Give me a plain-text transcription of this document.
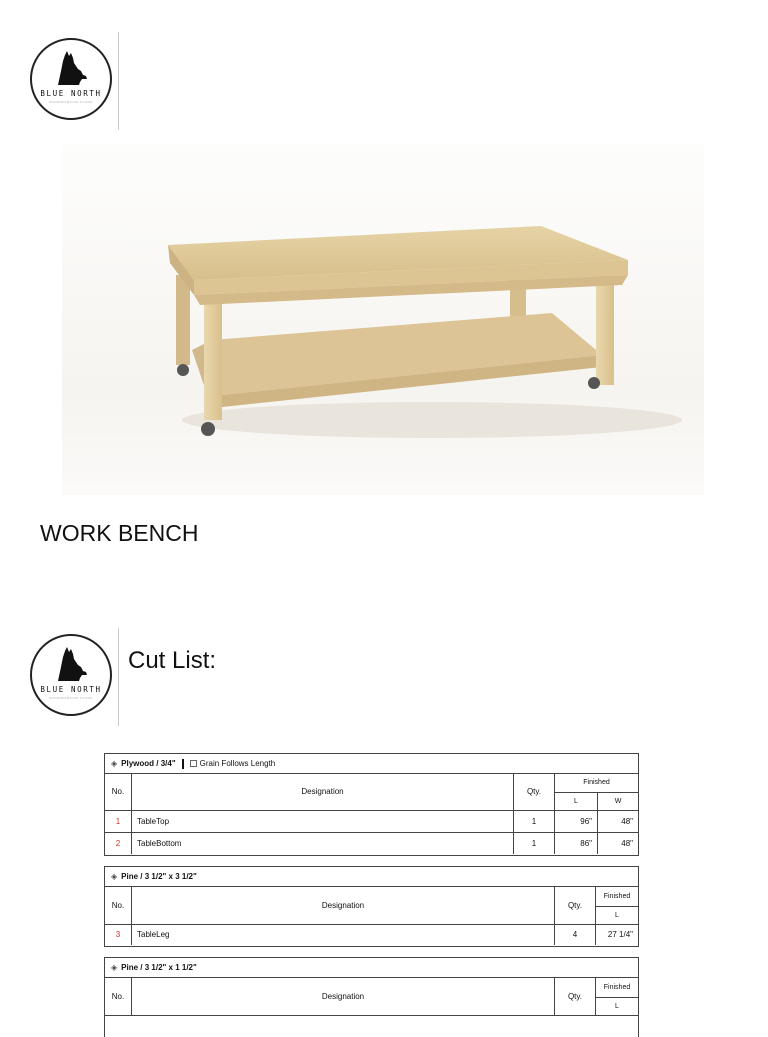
BLUE NORTH
WOODWORKING PLANS
WORK BENCH
BLUE NORTH
WOODWORKING PLANS
Cut List:
◈ Plywood / 3/4"	Grain Follows Length
No.	Designation	Qty.	Finished	
			L	W
1	TableTop	1	96"	48"
2	TableBottom	1	86"	48"
◈ Pine / 3 1/2" x 3 1/2"
No.	Designation	Qty.	Finished
			L
3	TableLeg	4	27 1/4"
◈ Pine / 3 1/2" x 1 1/2"
No.	Designation	Qty.	Finished
L
